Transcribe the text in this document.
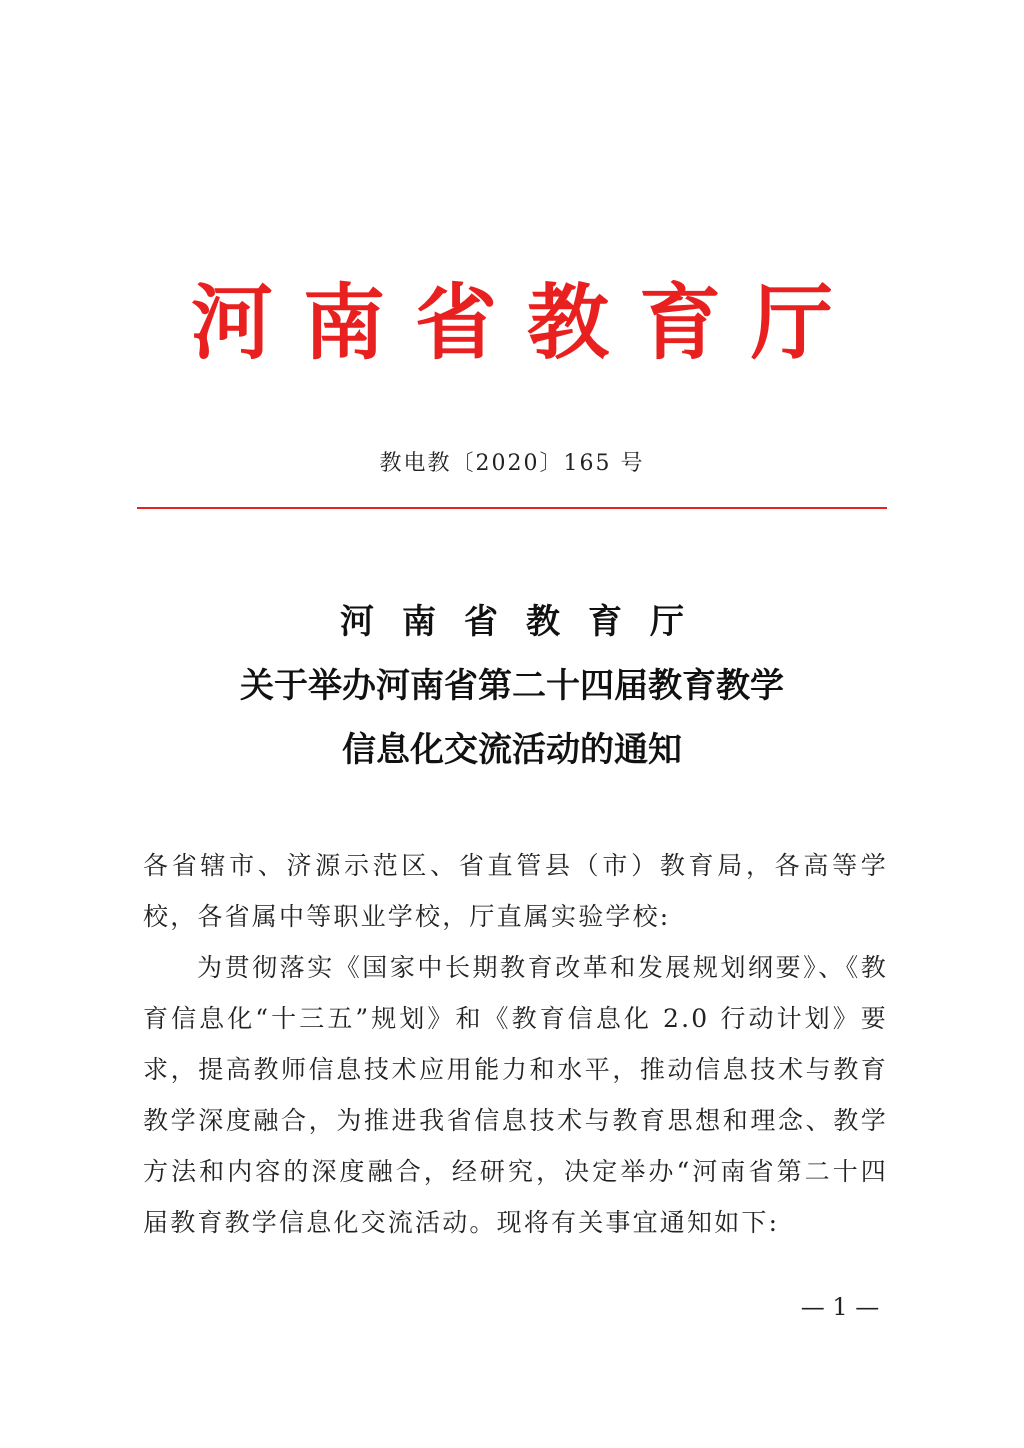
河南省教育厅
教电教〔2020〕165 号
河南省教育厅
关于举办河南省第二十四届教育教学
信息化交流活动的通知

各省辖市、济源示范区、省直管县（市）教育局，各高等学校，各省属中等职业学校，厅直属实验学校:

为贯彻落实《国家中长期教育改革和发展规划纲要》、《教育信息化“十三五”规划》和《教育信息化 2.0 行动计划》要求，提高教师信息技术应用能力和水平，推动信息技术与教育教学深度融合，为推进我省信息技术与教育思想和理念、教学方法和内容的深度融合，经研究，决定举办“河南省第二十四届教育教学信息化交流活动。现将有关事宜通知如下:

— 1 —
